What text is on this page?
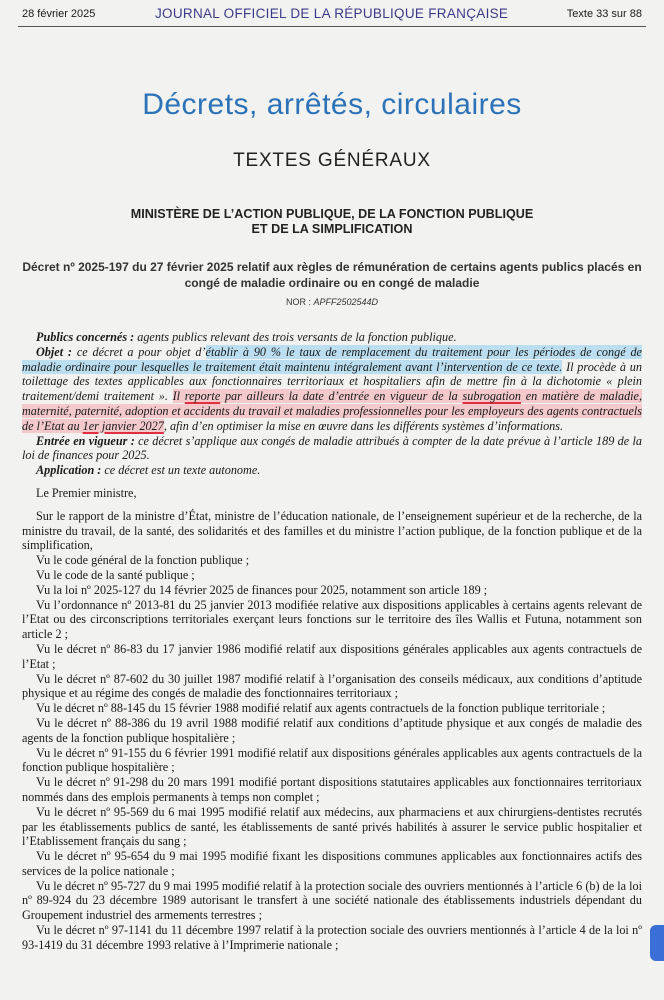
28 février 2025	JOURNAL OFFICIEL DE LA RÉPUBLIQUE FRANÇAISE	Texte 33 sur 88
Décrets, arrêtés, circulaires
TEXTES GÉNÉRAUX
MINISTÈRE DE L’ACTION PUBLIQUE, DE LA FONCTION PUBLIQUE
ET DE LA SIMPLIFICATION
Décret nº 2025-197 du 27 février 2025 relatif aux règles de rémunération de certains agents publics placés en congé de maladie ordinaire ou en congé de maladie
NOR : APFF2502544D

Publics concernés : agents publics relevant des trois versants de la fonction publique.

Objet : ce décret a pour objet d’établir à 90 % le taux de remplacement du traitement pour les périodes de congé de maladie ordinaire pour lesquelles le traitement était maintenu intégralement avant l’intervention de ce texte. Il procède à un toilettage des textes applicables aux fonctionnaires territoriaux et hospitaliers afin de mettre fin à la dichotomie « plein traitement/demi traitement ». Il reporte par ailleurs la date d’entrée en vigueur de la subrogation en matière de maladie, maternité, paternité, adoption et accidents du travail et maladies professionnelles pour les employeurs des agents contractuels de l’Etat au 1er janvier 2027, afin d’en optimiser la mise en œuvre dans les différents systèmes d’informations.

Entrée en vigueur : ce décret s’applique aux congés de maladie attribués à compter de la date prévue à l’article 189 de la loi de finances pour 2025.

Application : ce décret est un texte autonome.

Le Premier ministre,

Sur le rapport de la ministre d’État, ministre de l’éducation nationale, de l’enseignement supérieur et de la recherche, de la ministre du travail, de la santé, des solidarités et des familles et du ministre l’action publique, de la fonction publique et de la simplification,

Vu le code général de la fonction publique ;

Vu le code de la santé publique ;

Vu la loi nº 2025-127 du 14 février 2025 de finances pour 2025, notamment son article 189 ;

Vu l’ordonnance nº 2013-81 du 25 janvier 2013 modifiée relative aux dispositions applicables à certains agents relevant de l’Etat ou des circonscriptions territoriales exerçant leurs fonctions sur le territoire des îles Wallis et Futuna, notamment son article 2 ;

Vu le décret nº 86-83 du 17 janvier 1986 modifié relatif aux dispositions générales applicables aux agents contractuels de l’Etat ;

Vu le décret nº 87-602 du 30 juillet 1987 modifié relatif à l’organisation des conseils médicaux, aux conditions d’aptitude physique et au régime des congés de maladie des fonctionnaires territoriaux ;

Vu le décret nº 88-145 du 15 février 1988 modifié relatif aux agents contractuels de la fonction publique territoriale ;

Vu le décret nº 88-386 du 19 avril 1988 modifié relatif aux conditions d’aptitude physique et aux congés de maladie des agents de la fonction publique hospitalière ;

Vu le décret nº 91-155 du 6 février 1991 modifié relatif aux dispositions générales applicables aux agents contractuels de la fonction publique hospitalière ;

Vu le décret nº 91-298 du 20 mars 1991 modifié portant dispositions statutaires applicables aux fonctionnaires territoriaux nommés dans des emplois permanents à temps non complet ;

Vu le décret nº 95-569 du 6 mai 1995 modifié relatif aux médecins, aux pharmaciens et aux chirurgiens-dentistes recrutés par les établissements publics de santé, les établissements de santé privés habilités à assurer le service public hospitalier et l’Etablissement français du sang ;

Vu le décret nº 95-654 du 9 mai 1995 modifié fixant les dispositions communes applicables aux fonctionnaires actifs des services de la police nationale ;

Vu le décret nº 95-727 du 9 mai 1995 modifié relatif à la protection sociale des ouvriers mentionnés à l’article 6 (b) de la loi nº 89-924 du 23 décembre 1989 autorisant le transfert à une société nationale des établissements industriels dépendant du Groupement industriel des armements terrestres ;

Vu le décret nº 97-1141 du 11 décembre 1997 relatif à la protection sociale des ouvriers mentionnés à l’article 4 de la loi nº 93-1419 du 31 décembre 1993 relative à l’Imprimerie nationale ;
